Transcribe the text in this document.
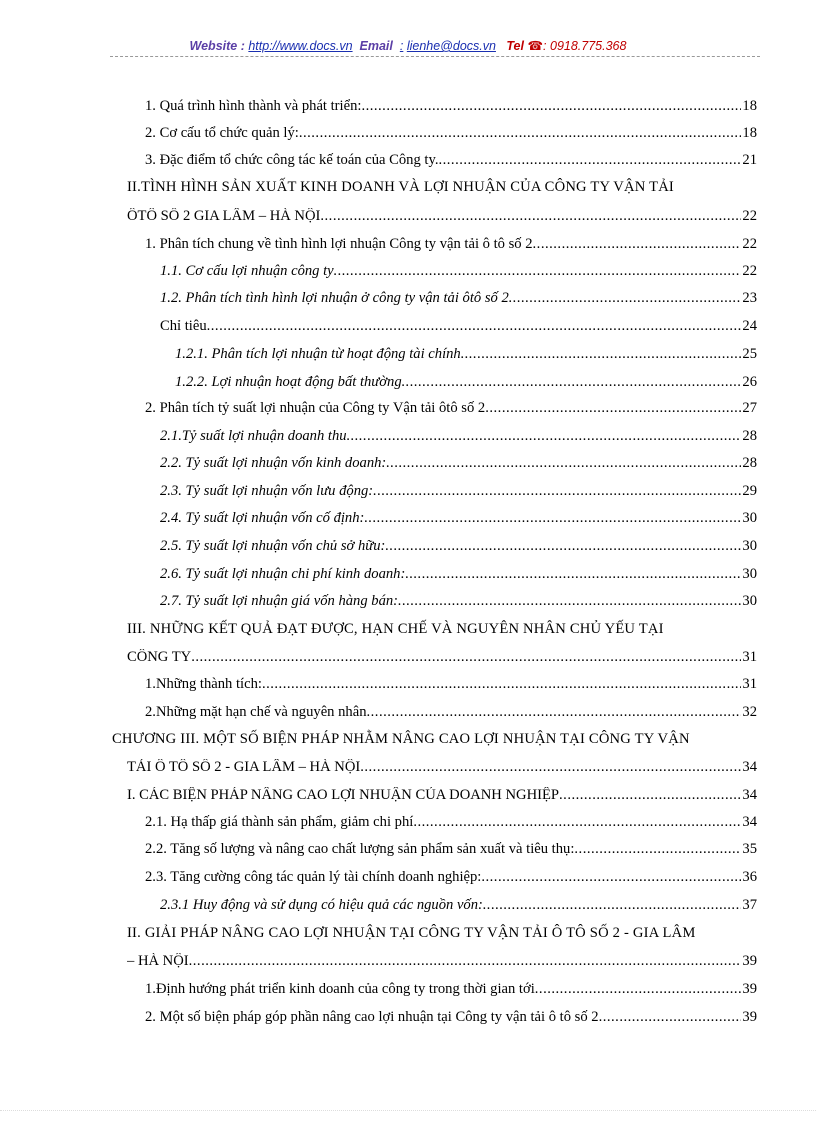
Website : http://www.docs.vn Email : lienhe@docs.vn Tel ☎: 0918.775.368
1. Quá trình hình thành và phát triển: .....	18
2. Cơ cấu tổ chức quản lý: .....	18
3. Đặc điểm tổ chức công tác kế toán của Công ty. .....	21
II.TÌNH HÌNH SẢN XUẤT KINH DOANH VÀ LỢI NHUẬN CỦA CÔNG TY VẬN TẢI
ÔTÔ SỐ 2 GIA LÂM – HÀ NỘI .....	22
1. Phân tích chung về tình hình lợi nhuận Công ty vận tải ô tô số 2 .....	22
1.1. Cơ cấu lợi nhuận công ty .....	22
1.2. Phân tích tình hình lợi nhuận ở công ty vận tải ôtô số 2 .....	23
Chỉ tiêu .....	24
1.2.1. Phân tích lợi nhuận từ hoạt động tài chính .....	25
1.2.2. Lợi nhuận hoạt động bất thường .....	26
2. Phân tích tỷ suất lợi nhuận của Công ty Vận tải ôtô số 2 .....	27
2.1.Tỷ suất lợi nhuận doanh thu .....	28
2.2. Tỷ suất lợi nhuận vốn kinh doanh: .....	28
2.3. Tỷ suất lợi nhuận vốn lưu động: .....	29
2.4. Tỷ suất lợi nhuận vốn cố định: .....	30
2.5. Tỷ suất lợi nhuận vốn chủ sở hữu: .....	30
2.6. Tỷ suất lợi nhuận chi phí kinh doanh: .....	30
2.7. Tỷ suất lợi nhuận giá vốn hàng bán: .....	30
III. NHỮNG KẾT QUẢ ĐẠT ĐƯỢC, HẠN CHẾ VÀ NGUYÊN NHÂN CHỦ YẾU TẠI
CÔNG TY .....	31
1.Những thành tích: .....	31
2.Những mặt hạn chế và nguyên nhân .....	32
CHƯƠNG III. MỘT SỐ BIỆN PHÁP NHẰM NÂNG CAO LỢI NHUẬN TẠI CÔNG TY VẬN
TẢI Ô TÔ SỐ 2 - GIA LÂM – HÀ NỘI .....	34
I. CÁC BIỆN PHÁP NÂNG CAO LỢI NHUẬN CỦA DOANH NGHIỆP .....	34
2.1. Hạ thấp giá thành sản phẩm, giảm chi phí .....	34
2.2. Tăng số lượng và nâng cao chất lượng sản phẩm sản xuất và tiêu thụ: .....	35
2.3. Tăng cường công tác quản lý tài chính doanh nghiệp: .....	36
2.3.1 Huy động và sử dụng có hiệu quả các nguồn vốn: .....	37
II. GIẢI PHÁP NÂNG CAO LỢI NHUẬN TẠI CÔNG TY VẬN TẢI Ô TÔ SỐ 2 - GIA LÂM
– HÀ NỘI .....	39
1.Định hướng phát triển kinh doanh của công ty trong thời gian tới .....	39
2. Một số biện pháp góp phần nâng cao lợi nhuận tại Công ty vận tải ô tô số 2 .....	39
